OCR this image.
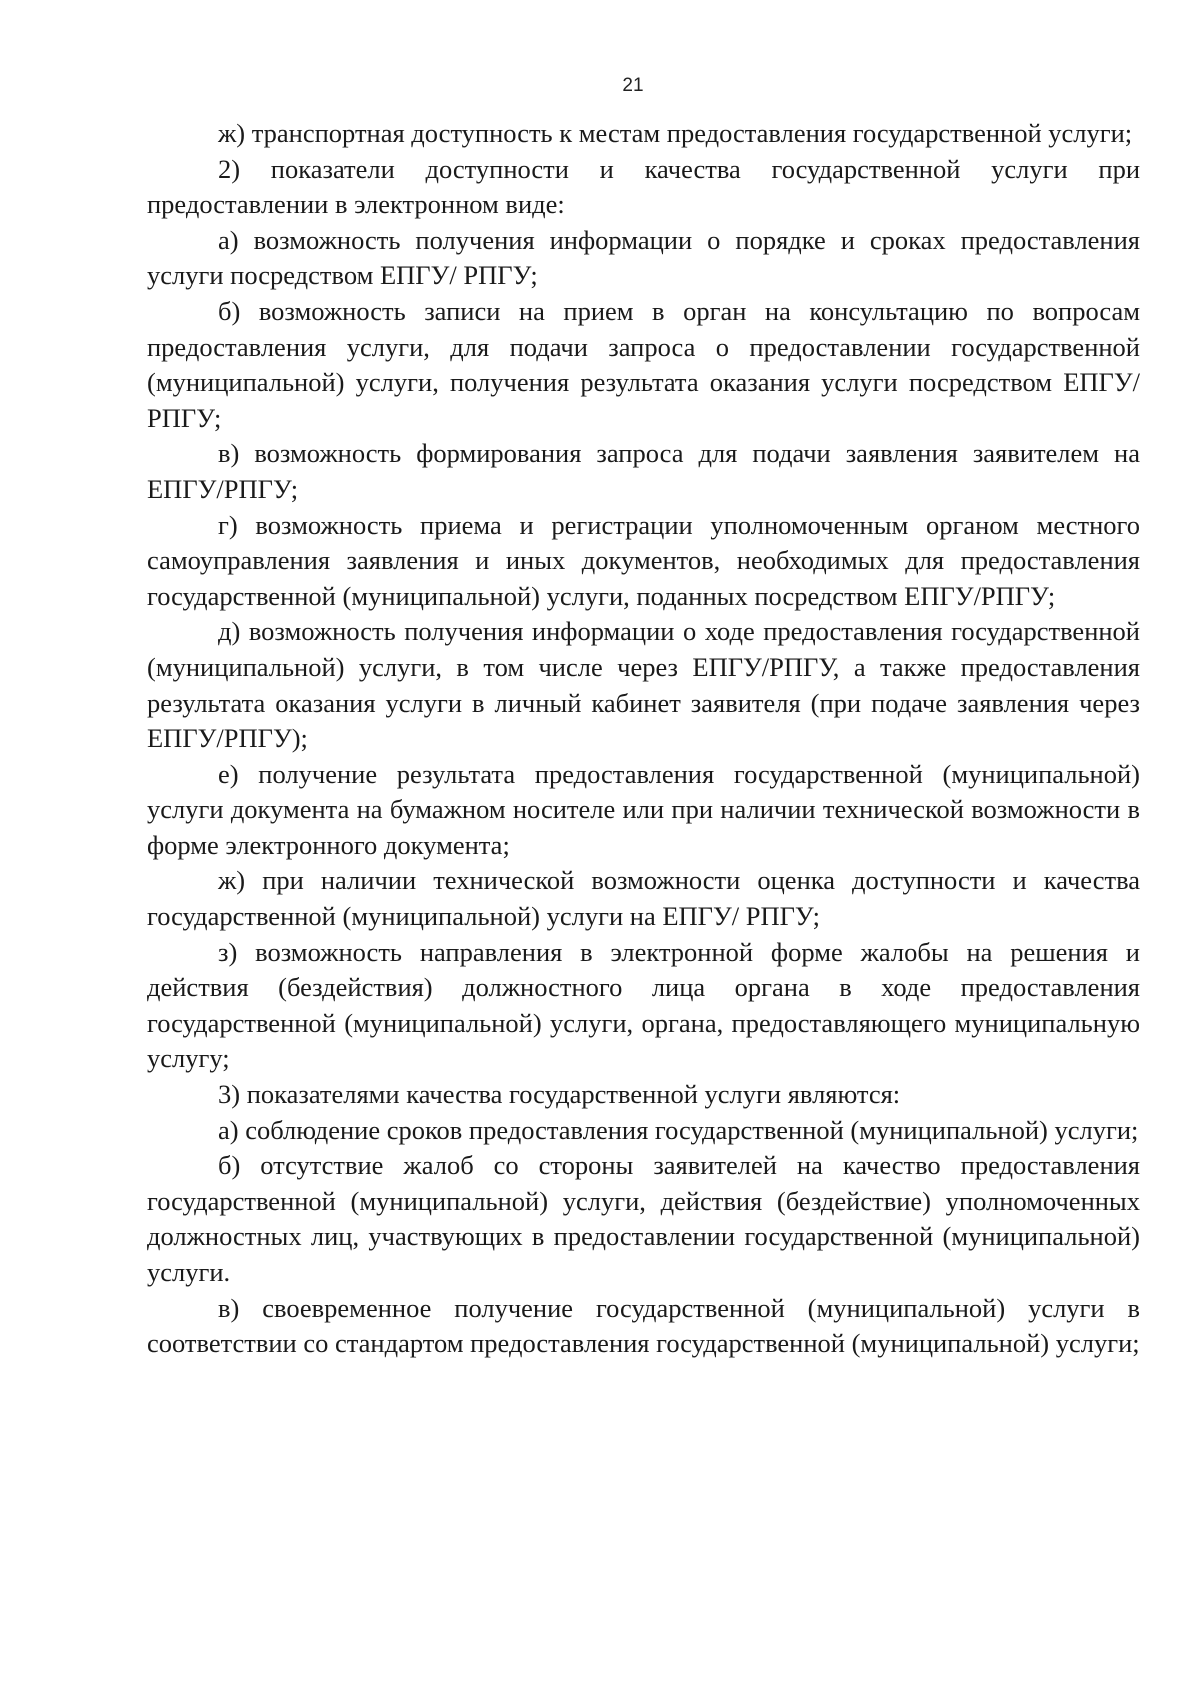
21

ж) транспортная доступность к местам предоставления государственной услуги;

2) показатели доступности и качества государственной услуги при предоставлении в электронном виде:

а) возможность получения информации о порядке и сроках предоставления услуги посредством ЕПГУ/ РПГУ;

б) возможность записи на прием в орган на консультацию по вопросам предоставления услуги, для подачи запроса о предоставлении государственной (муниципальной) услуги, получения результата оказания услуги посредством ЕПГУ/РПГУ;

в) возможность формирования запроса для подачи заявления заявителем на ЕПГУ/РПГУ;

г) возможность приема и регистрации уполномоченным органом местного самоуправления заявления и иных документов, необходимых для предоставления государственной (муниципальной) услуги, поданных посредством ЕПГУ/РПГУ;

д) возможность получения информации о ходе предоставления государственной (муниципальной) услуги, в том числе через ЕПГУ/РПГУ, а также предоставления результата оказания услуги в личный кабинет заявителя (при подаче заявления через ЕПГУ/РПГУ);

е) получение результата предоставления государственной (муниципальной) услуги документа на бумажном носителе или при наличии технической возможности в форме электронного документа;

ж) при наличии технической возможности оценка доступности и качества государственной (муниципальной) услуги на ЕПГУ/ РПГУ;

з) возможность направления в электронной форме жалобы на решения и действия (бездействия) должностного лица органа в ходе предоставления государственной (муниципальной) услуги, органа, предоставляющего муниципальную услугу;

3) показателями качества государственной услуги являются:

а) соблюдение сроков предоставления государственной (муниципальной) услуги;

б) отсутствие жалоб со стороны заявителей на качество предоставления государственной (муниципальной) услуги, действия (бездействие) уполномоченных должностных лиц, участвующих в предоставлении государственной (муниципальной) услуги.

в) своевременное получение государственной (муниципальной) услуги в соответствии со стандартом предоставления государственной (муниципальной) услуги;
